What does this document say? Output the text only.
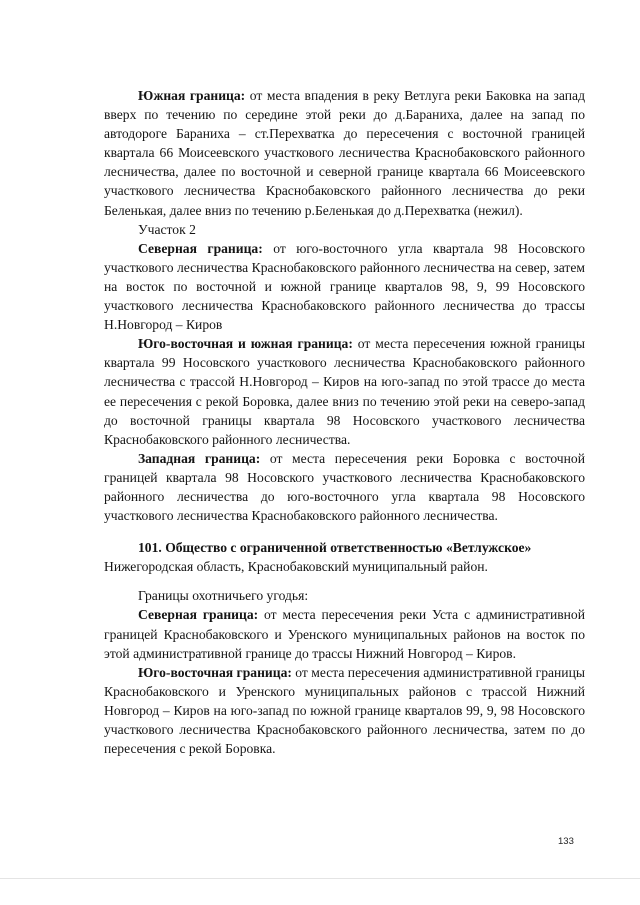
Южная граница: от места впадения в реку Ветлуга реки Баковка на запад вверх по течению по середине этой реки до д.Бараниха, далее на запад по автодороге Бараниха – ст.Перехватка до пересечения с восточной границей квартала 66 Моисеевского участкового лесничества Краснобаковского районного лесничества, далее по восточной и северной границе квартала 66 Моисеевского участкового лесничества Краснобаковского районного лесничества до реки Беленькая, далее вниз по течению р.Беленькая до д.Перехватка (нежил).

Участок 2

Северная граница: от юго-восточного угла квартала 98 Носовского участкового лесничества Краснобаковского районного лесничества на север, затем на восток по восточной и южной границе кварталов 98, 9, 99 Носовского участкового лесничества Краснобаковского районного лесничества до трассы Н.Новгород – Киров

Юго-восточная и южная граница: от места пересечения южной границы квартала 99 Носовского участкового лесничества Краснобаковского районного лесничества с трассой Н.Новгород – Киров на юго-запад по этой трассе до места ее пересечения с рекой Боровка, далее вниз по течению этой реки на северо-запад до восточной границы квартала 98 Носовского участкового лесничества Краснобаковского районного лесничества.

Западная граница: от места пересечения реки Боровка с восточной границей квартала 98 Носовского участкового лесничества Краснобаковского районного лесничества до юго-восточного угла квартала 98 Носовского участкового лесничества Краснобаковского районного лесничества.

101. Общество с ограниченной ответственностью «Ветлужское»

Нижегородская область, Краснобаковский муниципальный район.

Границы охотничьего угодья:

Северная граница: от места пересечения реки Уста с административной границей Краснобаковского и Уренского муниципальных районов на восток по этой административной границе до трассы Нижний Новгород – Киров.

Юго-восточная граница: от места пересечения административной границы Краснобаковского и Уренского муниципальных районов с трассой Нижний Новгород – Киров на юго-запад по южной границе кварталов 99, 9, 98 Носовского участкового лесничества Краснобаковского районного лесничества, затем по до пересечения с рекой Боровка.

133
